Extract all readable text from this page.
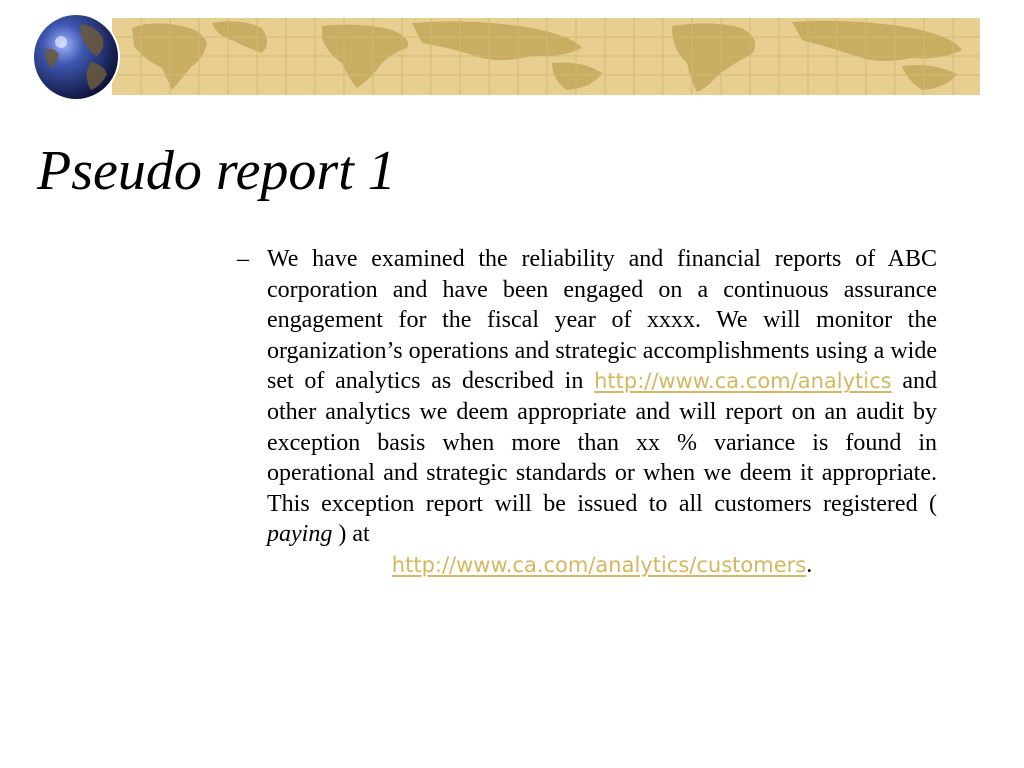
Pseudo report 1
– We have examined the reliability and financial reports of ABC corporation and have been engaged on a continuous assurance engagement for the fiscal year of xxxx. We will monitor the organization’s operations and strategic accomplishments using a wide set of analytics as described in http://www.ca.com/analytics and other analytics we deem appropriate and will report on an audit by exception basis when more than xx % variance is found in operational and strategic standards or when we deem it appropriate. This exception report will be issued to all customers registered ( paying ) at
http://www.ca.com/analytics/customers.
